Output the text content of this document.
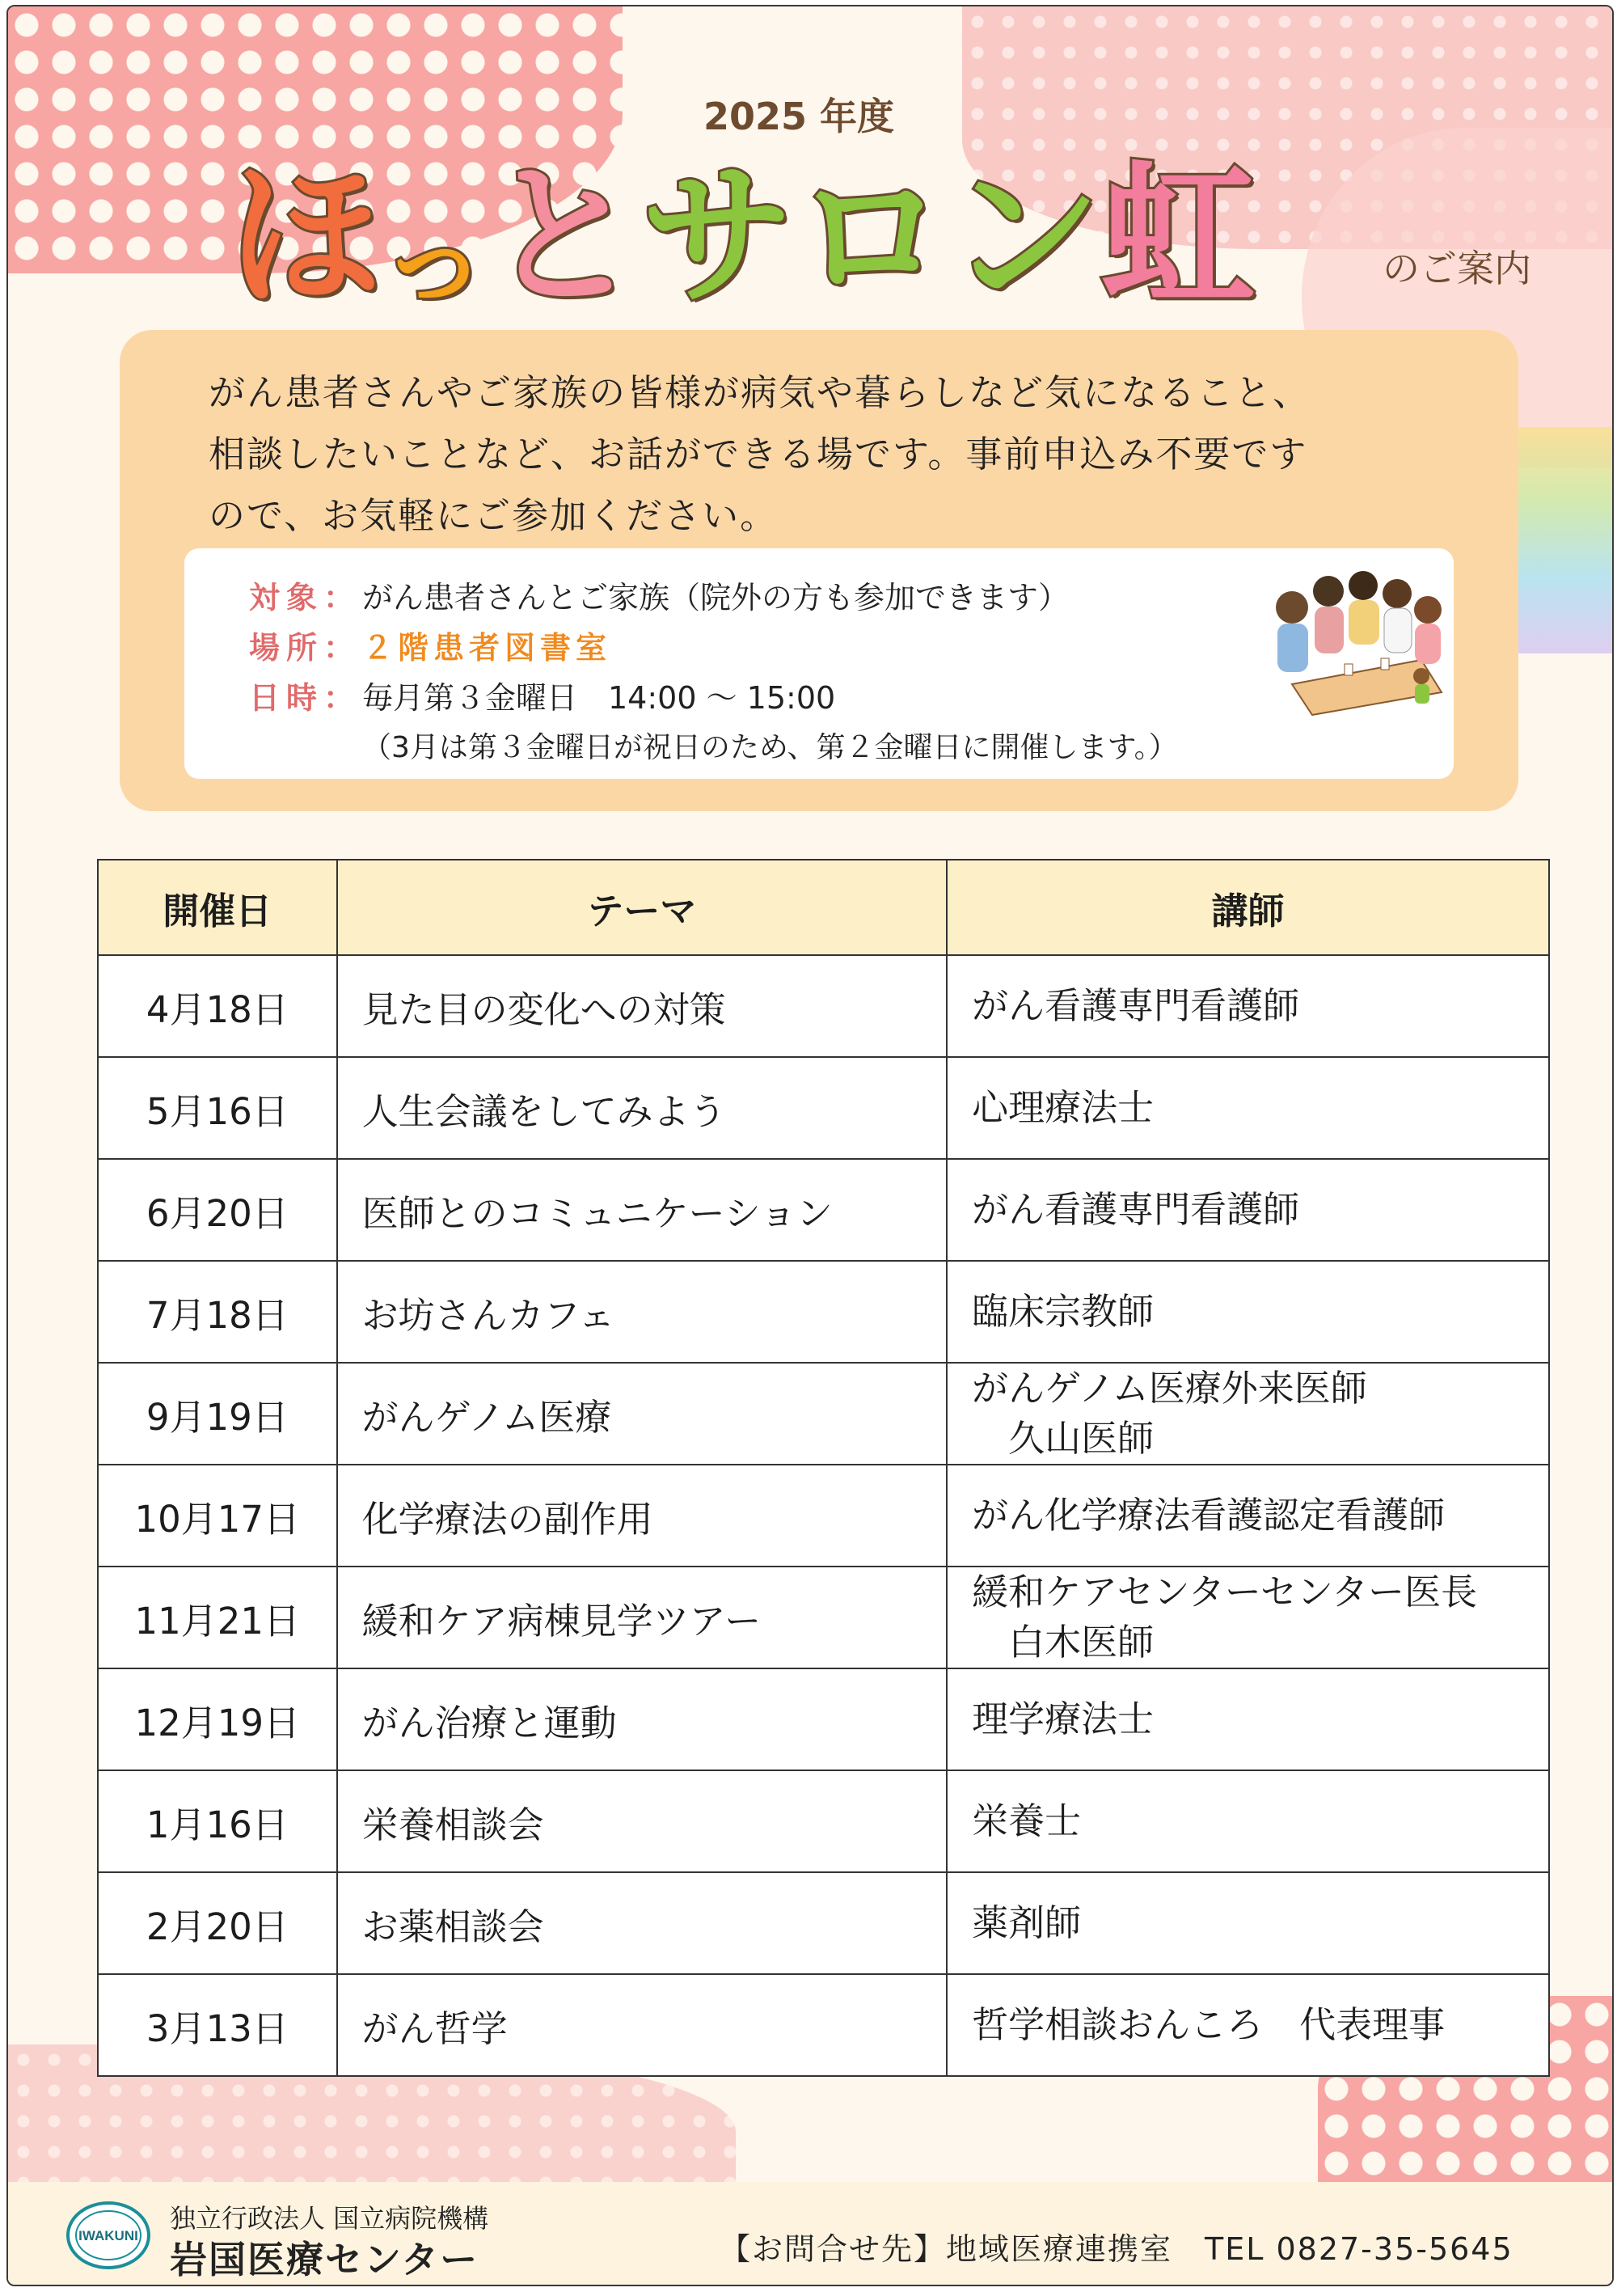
2025 年度
ほ っ と サ ロ ン 虹	のご案内
がん患者さんやご家族の皆様が病気や暮らしなど気になること、
相談したいことなど、お話ができる場です。事前申込み不要です
ので、お気軽にご参加ください。
対象： がん患者さんとご家族（院外の方も参加できます）
場所： ２階患者図書室
日時： 毎月第３金曜日　14:00 〜 15:00
（3月は第３金曜日が祝日のため、第２金曜日に開催します。）
開催日	テーマ	講師
4月18日	見た目の変化への対策	がん看護専門看護師

5月16日	人生会議をしてみよう	心理療法士

6月20日	医師とのコミュニケーション	がん看護専門看護師

7月18日	お坊さんカフェ	臨床宗教師

9月19日	がんゲノム医療	がんゲノム医療外来医師
　久山医師

10月17日	化学療法の副作用	がん化学療法看護認定看護師

11月21日	緩和ケア病棟見学ツアー	緩和ケアセンターセンター医長
　白木医師

12月19日	がん治療と運動	理学療法士

1月16日	栄養相談会	栄養士

2月20日	お薬相談会	薬剤師

3月13日	がん哲学	哲学相談おんころ　代表理事
IWAKUNI
独立行政法人 国立病院機構
岩国医療センター	【お問合せ先】地域医療連携室　TEL 0827-35-5645
